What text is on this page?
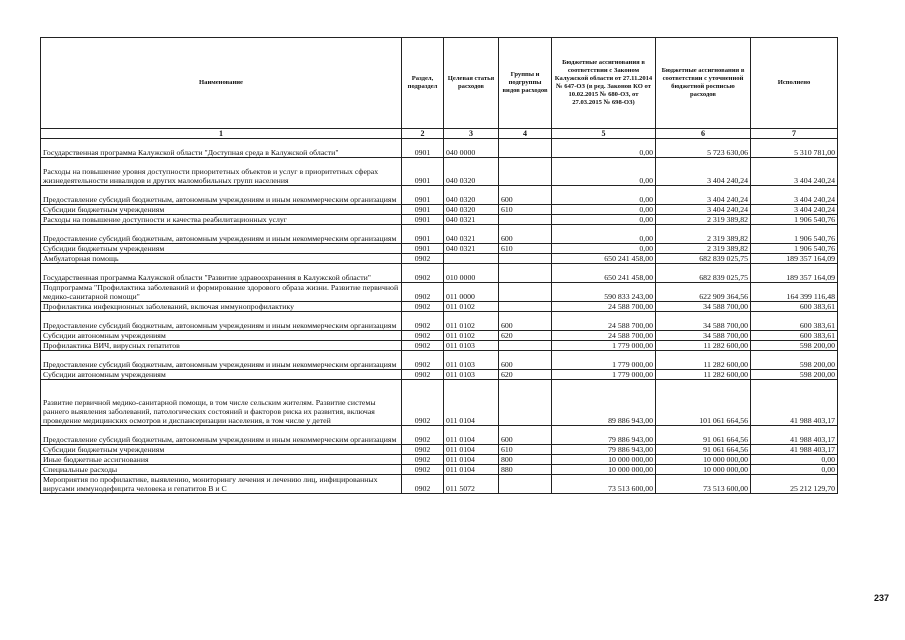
Наименование	Раздел, подраздел	Целевая статья расходов	Группы и подгруппы видов расходов	Бюджетные ассигнования в соответствии с Законом Калужской области от 27.11.2014 № 647-ОЗ (в ред. Законов КО от 10.02.2015 № 680-ОЗ, от 27.03.2015 № 698-ОЗ)	Бюджетные ассигнования в соответствии с уточненной бюджетной росписью расходов	Исполнено
1	2	3	4	5	6	7
Государственная программа Калужской области "Доступная среда в Калужской области"	0901	040 0000		0,00	5 723 630,06	5 310 781,00
Расходы на повышение уровня доступности приоритетных объектов и услуг в приоритетных сферах жизнедеятельности инвалидов и других маломобильных групп населения	0901	040 0320		0,00	3 404 240,24	3 404 240,24
Предоставление субсидий бюджетным, автономным учреждениям и иным некоммерческим организациям	0901	040 0320	600	0,00	3 404 240,24	3 404 240,24
Субсидии бюджетным учреждениям	0901	040 0320	610	0,00	3 404 240,24	3 404 240,24
Расходы на повышение доступности и качества реабилитационных услуг	0901	040 0321		0,00	2 319 389,82	1 906 540,76
Предоставление субсидий бюджетным, автономным учреждениям и иным некоммерческим организациям	0901	040 0321	600	0,00	2 319 389,82	1 906 540,76
Субсидии бюджетным учреждениям	0901	040 0321	610	0,00	2 319 389,82	1 906 540,76
Амбулаторная помощь	0902			650 241 458,00	682 839 025,75	189 357 164,09
Государственная программа Калужской области "Развитие здравоохранения в Калужской области"	0902	010 0000		650 241 458,00	682 839 025,75	189 357 164,09
Подпрограмма "Профилактика заболеваний и формирование здорового образа жизни. Развитие первичной медико-санитарной помощи"	0902	011 0000		590 833 243,00	622 909 364,56	164 399 116,48
Профилактика инфекционных заболеваний, включая иммунопрофилактику	0902	011 0102		24 588 700,00	34 588 700,00	600 383,61
Предоставление субсидий бюджетным, автономным учреждениям и иным некоммерческим организациям	0902	011 0102	600	24 588 700,00	34 588 700,00	600 383,61
Субсидии автономным учреждениям	0902	011 0102	620	24 588 700,00	34 588 700,00	600 383,61
Профилактика ВИЧ, вирусных гепатитов	0902	011 0103		1 779 000,00	11 282 600,00	598 200,00
Предоставление субсидий бюджетным, автономным учреждениям и иным некоммерческим организациям	0902	011 0103	600	1 779 000,00	11 282 600,00	598 200,00
Субсидии автономным учреждениям	0902	011 0103	620	1 779 000,00	11 282 600,00	598 200,00
Развитие первичной медико-санитарной помощи, в том числе сельским жителям. Развитие системы раннего выявления заболеваний, патологических состояний и факторов риска их развития, включая проведение медицинских осмотров и диспансеризации населения, в том числе у детей	0902	011 0104		89 886 943,00	101 061 664,56	41 988 403,17
Предоставление субсидий бюджетным, автономным учреждениям и иным некоммерческим организациям	0902	011 0104	600	79 886 943,00	91 061 664,56	41 988 403,17
Субсидии бюджетным учреждениям	0902	011 0104	610	79 886 943,00	91 061 664,56	41 988 403,17
Иные бюджетные ассигнования	0902	011 0104	800	10 000 000,00	10 000 000,00	0,00
Специальные расходы	0902	011 0104	880	10 000 000,00	10 000 000,00	0,00
Мероприятия по профилактике, выявлению, мониторингу лечения и лечению лиц, инфицированных вирусами иммунодефицита человека и гепатитов В и С	0902	011 5072		73 513 600,00	73 513 600,00	25 212 129,70
237
